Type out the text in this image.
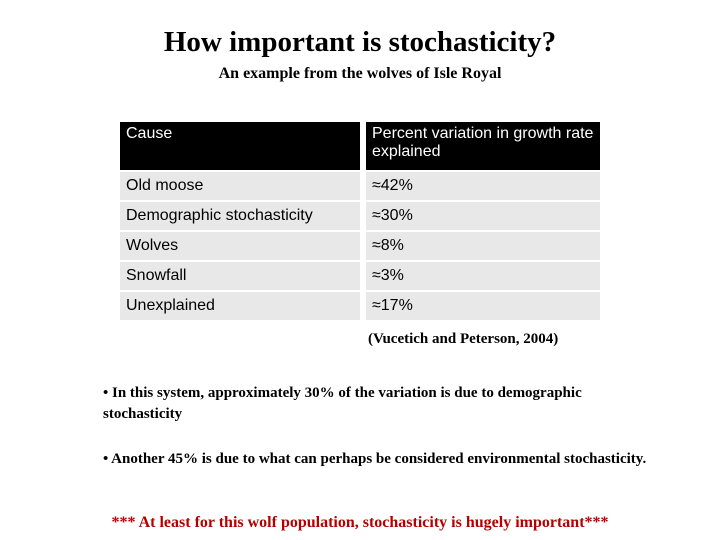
How important is stochasticity?
An example from the wolves of Isle Royal
Cause	Percent variation in growth rate explained
Old moose	≈42%
Demographic stochasticity	≈30%
Wolves	≈8%
Snowfall	≈3%
Unexplained	≈17%
(Vucetich and Peterson, 2004)
• In this system, approximately 30% of the variation is due to demographic stochasticity
• Another 45% is due to what can perhaps be considered environmental stochasticity.
*** At least for this wolf population, stochasticity is hugely important***
